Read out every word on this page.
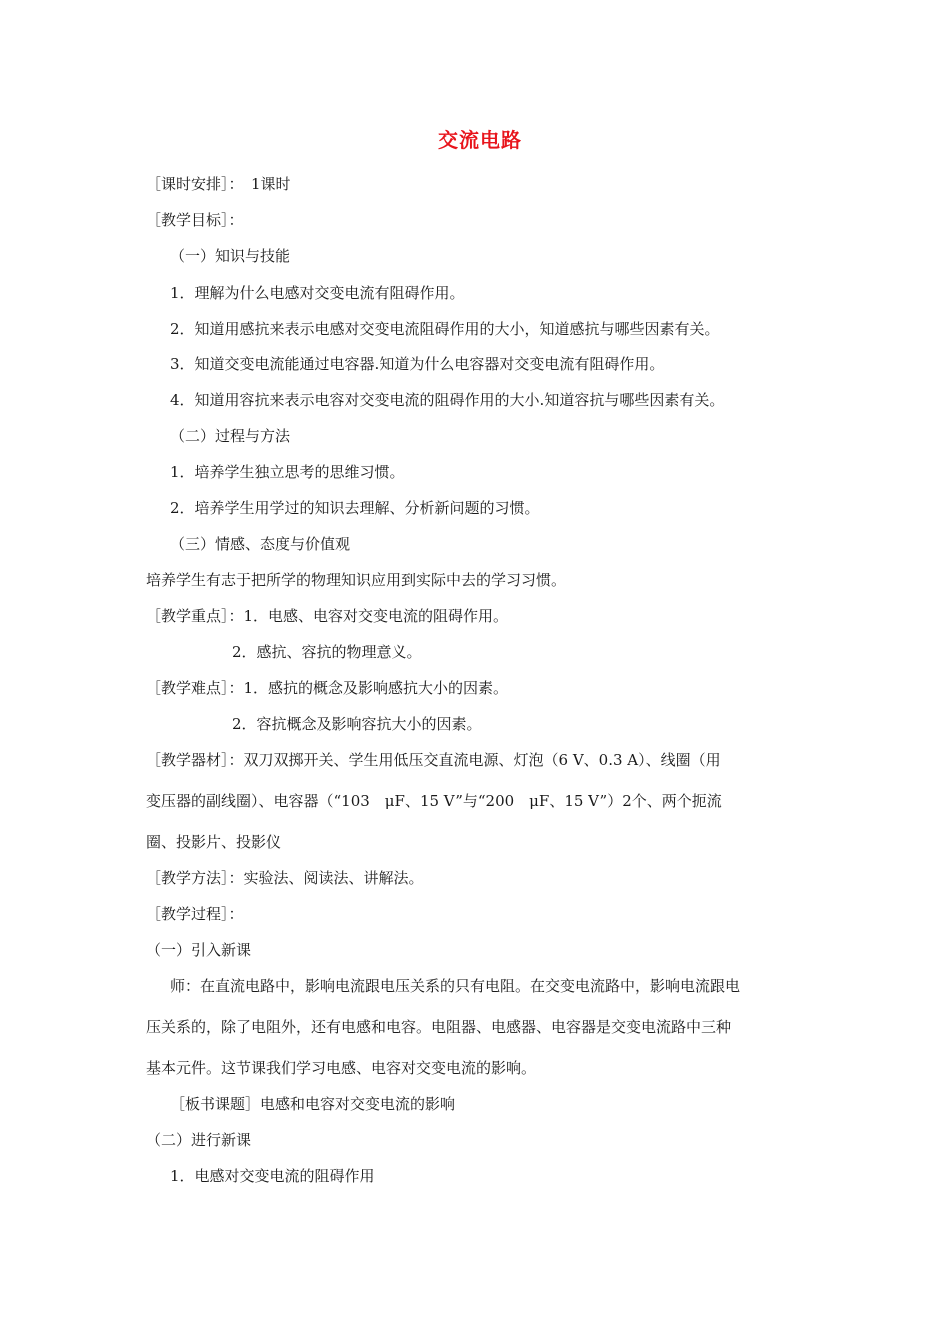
交流电路
［课时安排］：　1课时
［教学目标］：
（一）知识与技能
1．理解为什么电感对交变电流有阻碍作用。
2．知道用感抗来表示电感对交变电流阻碍作用的大小，知道感抗与哪些因素有关。
3．知道交变电流能通过电容器.知道为什么电容器对交变电流有阻碍作用。
4．知道用容抗来表示电容对交变电流的阻碍作用的大小.知道容抗与哪些因素有关。
（二）过程与方法
1．培养学生独立思考的思维习惯。
2．培养学生用学过的知识去理解、分析新问题的习惯。
（三）情感、态度与价值观
培养学生有志于把所学的物理知识应用到实际中去的学习习惯。
［教学重点］：1．电感、电容对交变电流的阻碍作用。
2．感抗、容抗的物理意义。
［教学难点］：1．感抗的概念及影响感抗大小的因素。
2．容抗概念及影响容抗大小的因素。
［教学器材］：双刀双掷开关、学生用低压交直流电源、灯泡（6 V、0.3 A）、线圈（用
变压器的副线圈）、电容器（“103　μF、15 V”与“200　μF、15 V”）2个、两个扼流
圈、投影片、投影仪
［教学方法］：实验法、阅读法、讲解法。
［教学过程］：
（一）引入新课
师：在直流电路中，影响电流跟电压关系的只有电阻。在交变电流路中，影响电流跟电
压关系的，除了电阻外，还有电感和电容。电阻器、电感器、电容器是交变电流路中三种
基本元件。这节课我们学习电感、电容对交变电流的影响。
［板书课题］电感和电容对交变电流的影响
（二）进行新课
1．电感对交变电流的阻碍作用
